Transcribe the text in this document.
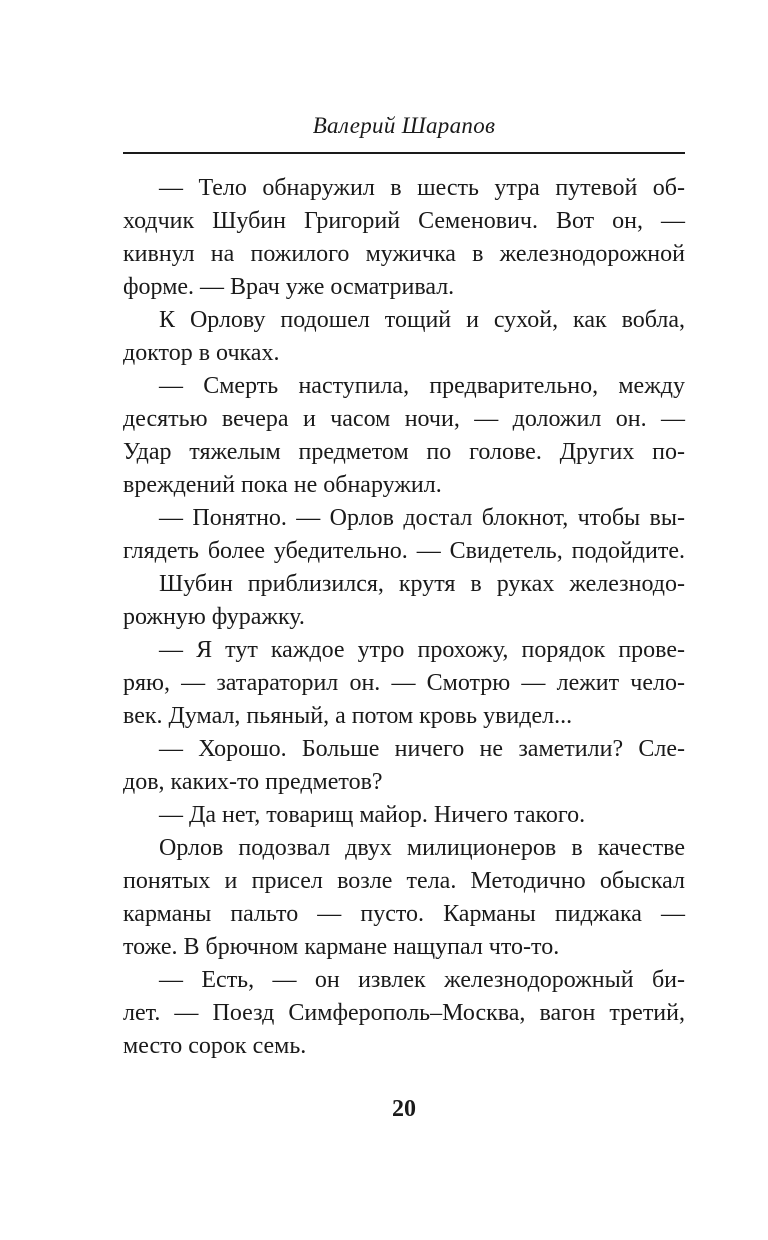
Валерий Шарапов

— Тело обнаружил в шесть утра путевой об-
ходчик Шубин Григорий Семенович. Вот он, —
кивнул на пожилого мужичка в железнодорожной
форме. — Врач уже осматривал.

К Орлову подошел тощий и сухой, как вобла,
доктор в очках.

— Смерть наступила, предварительно, между
десятью вечера и часом ночи, — доложил он. —
Удар тяжелым предметом по голове. Других по-
вреждений пока не обнаружил.

— Понятно. — Орлов достал блокнот, чтобы вы-
глядеть более убедительно. — Свидетель, подойдите.

Шубин приблизился, крутя в руках железнодо-
рожную фуражку.

— Я тут каждое утро прохожу, порядок прове-
ряю, — затараторил он. — Смотрю — лежит чело-
век. Думал, пьяный, а потом кровь увидел...

— Хорошо. Больше ничего не заметили? Сле-
дов, каких-то предметов?

— Да нет, товарищ майор. Ничего такого.

Орлов подозвал двух милиционеров в качестве
понятых и присел возле тела. Методично обыскал
карманы пальто — пусто. Карманы пиджака —
тоже. В брючном кармане нащупал что-то.

— Есть, — он извлек железнодорожный би-
лет. — Поезд Симферополь–Москва, вагон третий,
место сорок семь.

20
